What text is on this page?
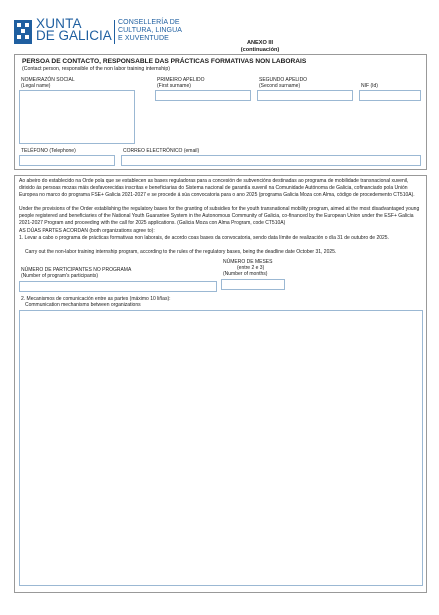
XUNTA
DE GALICIA
CONSELLERÍA DE
CULTURA, LINGUA
E XUVENTUDE
ANEXO III
(continuación)
PERSOA DE CONTACTO, RESPONSABLE DAS PRÁCTICAS FORMATIVAS NON LABORAIS
(Contact person, responsible of the non labor training internship)
NOME/RAZÓN SOCIAL
(Legal name)
PRIMEIRO APELIDO
(First surname)
SEGUNDO APELIDO
(Second surname)	NIF (Id)
TELÉFONO (Telephone)	CORREO ELECTRÓNICO (email)
Ao abeiro do establecido na Orde pola que se establecen as bases reguladoras para a concesión de subvencións destinadas ao programa de mobilidade transnacional xuvenil, dirixido ás persoas mozas máis desfavorecidas inscritas e beneficiarias do Sistema nacional de garantía xuvenil na Comunidade Autónoma de Galicia, cofinanciado pola Unión Europea no marco do programa FSE+ Galicia 2021-2027 e se procede á súa convocatoria para o ano 2025 (programa Galicia Moza con Alma, código de procedemento CT510A).
Under the provisions of the Order establishing the regulatory bases for the granting of subsidies for the youth transnational mobility program, aimed at the most disadvantaged young people registered and beneficiaries of the National Youth Guarantee System in the Autonomous Community of Galicia, co-financed by the European Union under the ESF+ Galicia 2021-2027 Program and proceeding with the call for 2025 applications. (Galicia Moza con Alma Program, code CT510A)
AS DÚAS PARTES ACORDAN (both organizations agree to):
1. Levar a cabo o programa de prácticas formativas non laborais, de acordo coas bases da convocatoria, sendo data límite de realización o día 31 de outubro de 2025.
Carry out the non-labor training internship program, according to the rules of the regulatory bases, being the deadline date October 31, 2025.
NÚMERO DE PARTICIPANTES NO PROGRAMA
(Number of program's participants)
NÚMERO DE MESES
(entre 2 e 3)
(Number of months)
2. Mecanismos de comunicación entre as partes (máximo 10 liñas):
Communication mechanisms between organizations
